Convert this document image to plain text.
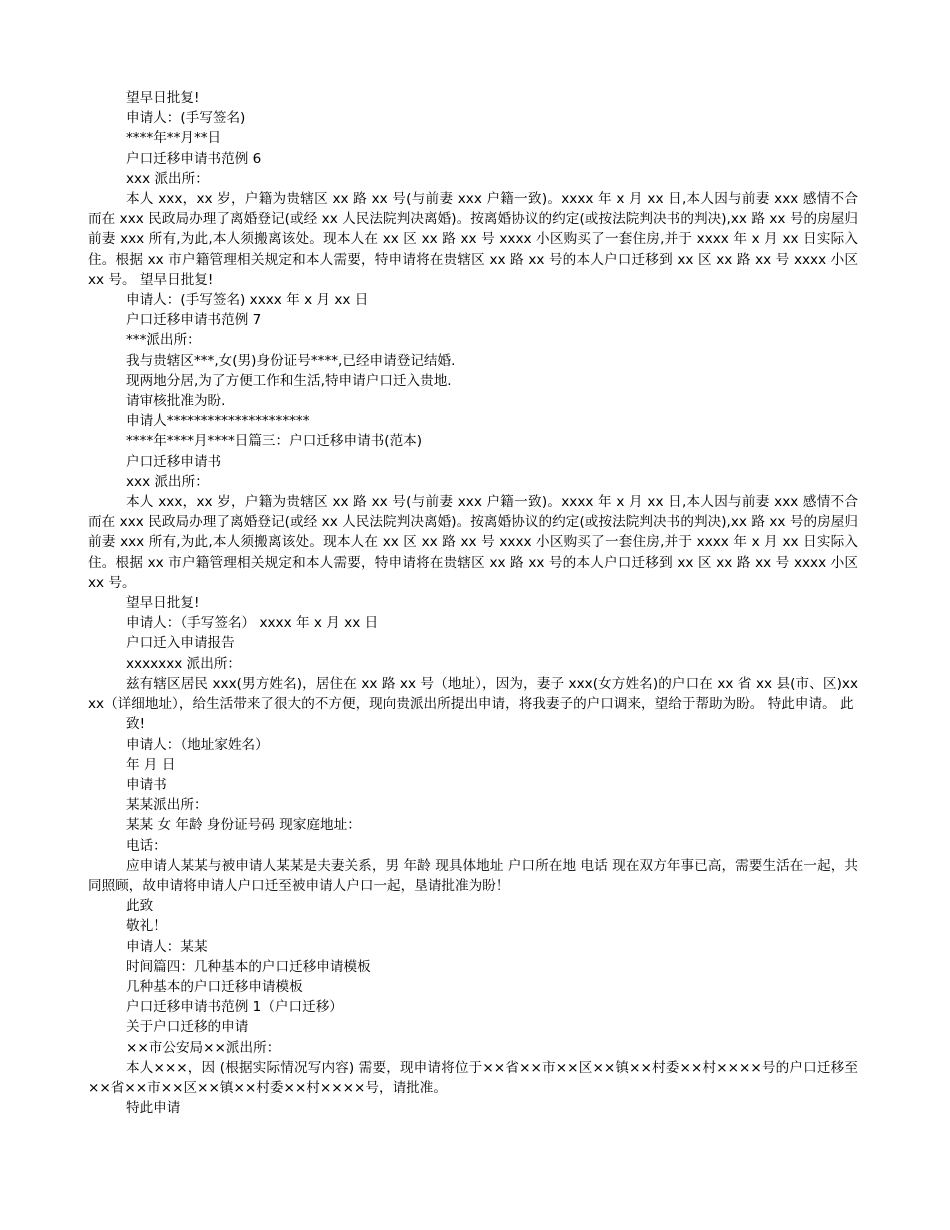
望早日批复!

申请人：(手写签名)

****年**月**日

户口迁移申请书范例 6

xxx 派出所：

本人 xxx，xx 岁，户籍为贵辖区 xx 路 xx 号(与前妻 xxx 户籍一致)。xxxx 年 x 月 xx 日,本人因与前妻 xxx 感情不合而在 xxx 民政局办理了离婚登记(或经 xx 人民法院判决离婚)。按离婚协议的约定(或按法院判决书的判决),xx 路 xx 号的房屋归前妻 xxx 所有,为此,本人须搬离该处。现本人在 xx 区 xx 路 xx 号 xxxx 小区购买了一套住房,并于 xxxx 年 x 月 xx 日实际入住。根据 xx 市户籍管理相关规定和本人需要，特申请将在贵辖区 xx 路 xx 号的本人户口迁移到 xx 区 xx 路 xx 号 xxxx 小区 xx 号。 望早日批复!

申请人：(手写签名) xxxx 年 x 月 xx 日

户口迁移申请书范例 7

***派出所：

我与贵辖区***,女(男)身份证号****,已经申请登记结婚.

现两地分居,为了方便工作和生活,特申请户口迁入贵地.

请审核批准为盼.

申请人*********************

****年****月****日篇三：户口迁移申请书(范本)

户口迁移申请书

xxx 派出所：

本人 xxx，xx 岁，户籍为贵辖区 xx 路 xx 号(与前妻 xxx 户籍一致)。xxxx 年 x 月 xx 日,本人因与前妻 xxx 感情不合而在 xxx 民政局办理了离婚登记(或经 xx 人民法院判决离婚)。按离婚协议的约定(或按法院判决书的判决),xx 路 xx 号的房屋归前妻 xxx 所有,为此,本人须搬离该处。现本人在 xx 区 xx 路 xx 号 xxxx 小区购买了一套住房,并于 xxxx 年 x 月 xx 日实际入住。根据 xx 市户籍管理相关规定和本人需要，特申请将在贵辖区 xx 路 xx 号的本人户口迁移到 xx 区 xx 路 xx 号 xxxx 小区 xx 号。

望早日批复!

申请人：（手写签名） xxxx 年 x 月 xx 日

户口迁入申请报告

xxxxxxx 派出所：

兹有辖区居民 xxx(男方姓名)，居住在 xx 路 xx 号（地址），因为，妻子 xxx(女方姓名)的户口在 xx 省 xx 县(市、区)xxxx（详细地址），给生活带来了很大的不方便，现向贵派出所提出申请，将我妻子的户口调来，望给于帮助为盼。 特此申请。 此

致!

申请人：（地址家姓名）

年 月 日

申请书

某某派出所：

某某 女 年龄 身份证号码 现家庭地址：

电话：

应申请人某某与被申请人某某是夫妻关系，男 年龄 现具体地址 户口所在地 电话 现在双方年事已高，需要生活在一起，共同照顾，故申请将申请人户口迁至被申请人户口一起，垦请批准为盼！

此致

敬礼！

申请人：某某

时间篇四：几种基本的户口迁移申请模板

几种基本的户口迁移申请模板

户口迁移申请书范例 1（户口迁移）

关于户口迁移的申请

××市公安局××派出所：

本人×××，因 (根据实际情况写内容) 需要，现申请将位于××省××市××区××镇××村委××村××××号的户口迁移至××省××市××区××镇××村委××村××××号，请批准。

特此申请
